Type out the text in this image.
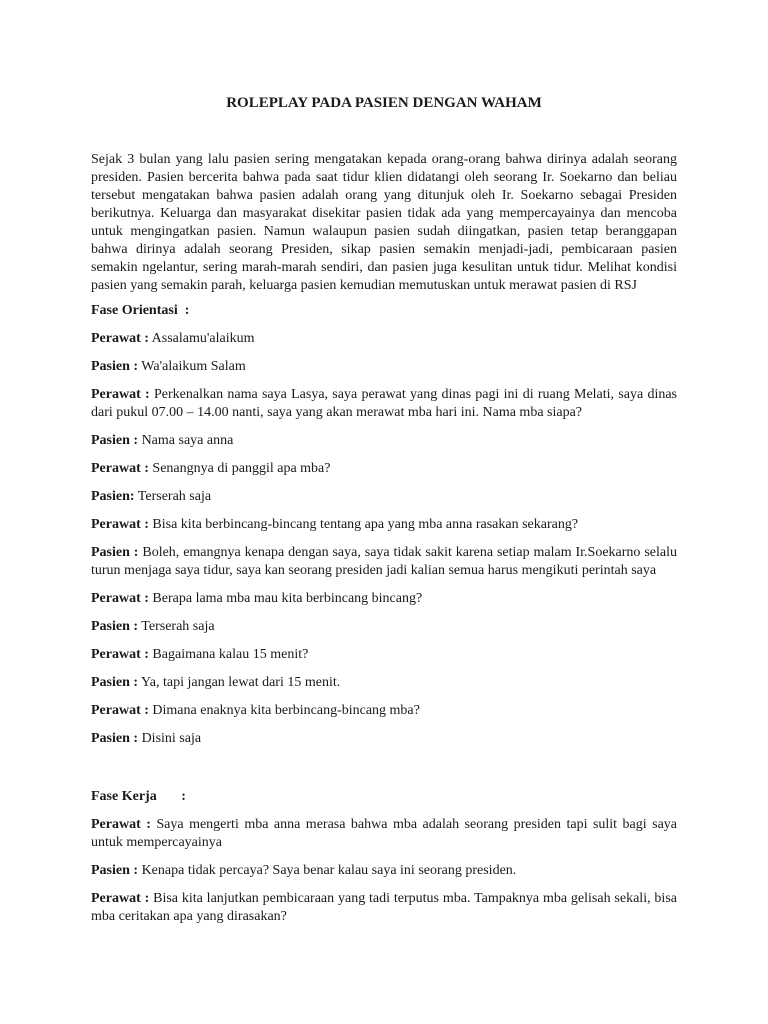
ROLEPLAY PADA PASIEN DENGAN WAHAM

Sejak 3 bulan yang lalu pasien sering mengatakan kepada orang-orang bahwa dirinya adalah seorang presiden. Pasien bercerita bahwa pada saat tidur klien didatangi oleh seorang Ir. Soekarno dan beliau tersebut mengatakan bahwa pasien adalah orang yang ditunjuk oleh Ir. Soekarno sebagai Presiden berikutnya. Keluarga dan masyarakat disekitar pasien tidak ada yang mempercayainya dan mencoba untuk mengingatkan pasien. Namun walaupun pasien sudah diingatkan, pasien tetap beranggapan bahwa dirinya adalah seorang Presiden, sikap pasien semakin menjadi-jadi, pembicaraan pasien semakin ngelantur, sering marah-marah sendiri, dan pasien juga kesulitan untuk tidur. Melihat kondisi pasien yang semakin parah, keluarga pasien kemudian memutuskan untuk merawat pasien di RSJ

Fase Orientasi  :

Perawat : Assalamu'alaikum

Pasien : Wa'alaikum Salam

Perawat : Perkenalkan nama saya Lasya, saya perawat yang dinas pagi ini di ruang Melati, saya dinas dari pukul 07.00 – 14.00 nanti, saya yang akan merawat mba hari ini. Nama mba siapa?

Pasien : Nama saya anna

Perawat : Senangnya di panggil apa mba?

Pasien: Terserah saja

Perawat : Bisa kita berbincang-bincang tentang apa yang mba anna rasakan sekarang?

Pasien : Boleh, emangnya kenapa dengan saya, saya tidak sakit karena setiap malam Ir.Soekarno selalu turun menjaga saya tidur, saya kan seorang presiden jadi kalian semua harus mengikuti perintah saya

Perawat : Berapa lama mba mau kita berbincang bincang?

Pasien : Terserah saja

Perawat : Bagaimana kalau 15 menit?

Pasien : Ya, tapi jangan lewat dari 15 menit.

Perawat : Dimana enaknya kita berbincang-bincang mba?

Pasien : Disini saja

Fase Kerja       :

Perawat : Saya mengerti mba anna merasa bahwa mba adalah seorang presiden tapi sulit bagi saya untuk mempercayainya

Pasien : Kenapa tidak percaya? Saya benar kalau saya ini seorang presiden.

Perawat : Bisa kita lanjutkan pembicaraan yang tadi terputus mba. Tampaknya mba gelisah sekali, bisa mba ceritakan apa yang dirasakan?
